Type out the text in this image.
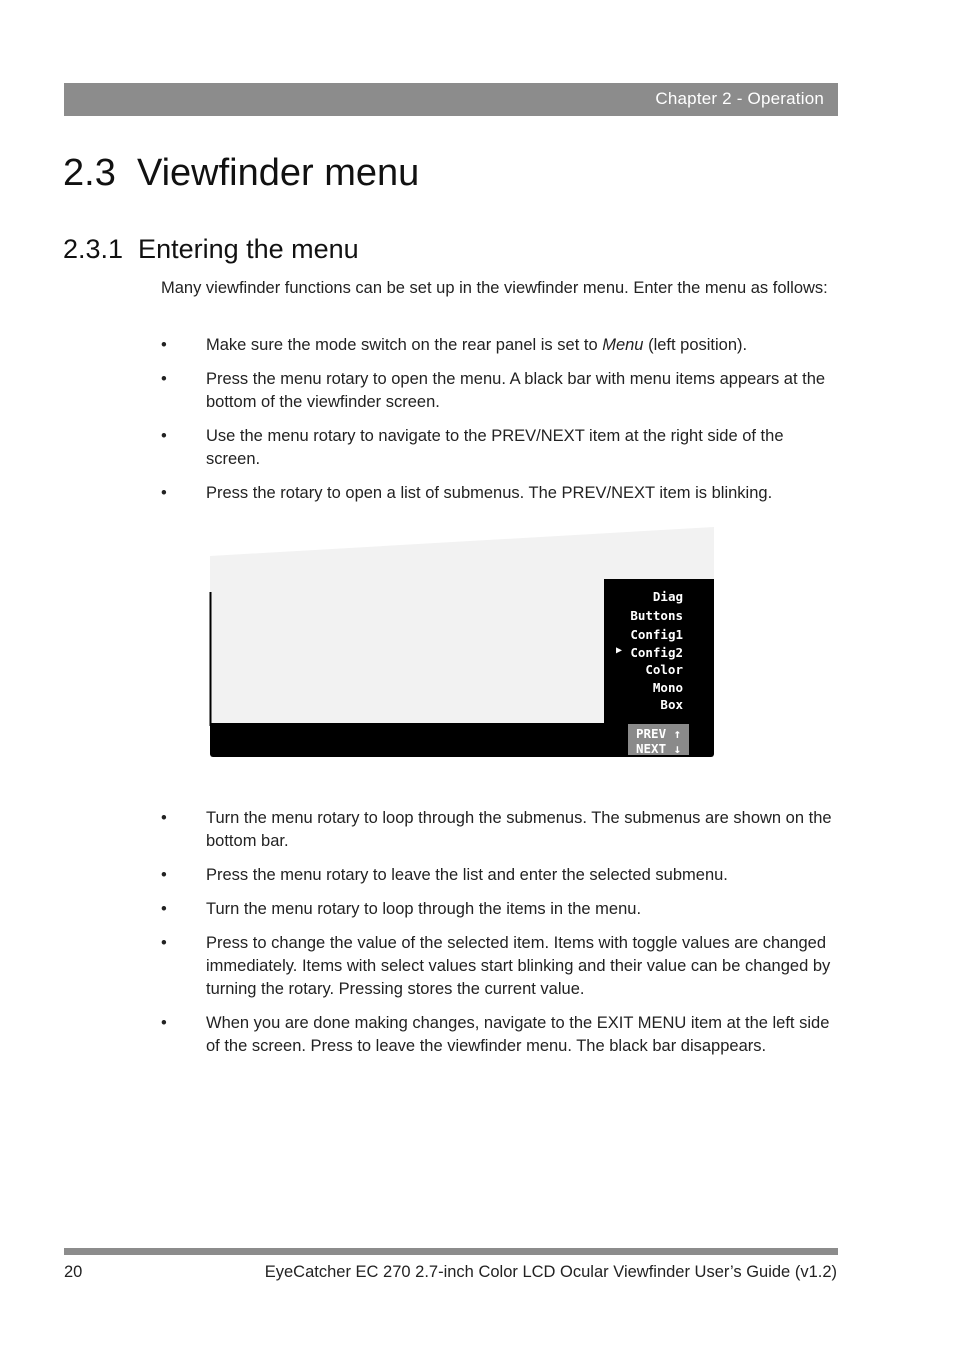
Chapter 2 - Operation
2.3  Viewfinder menu
2.3.1  Entering the menu
Many viewfinder functions can be set up in the viewfinder menu. Enter the menu as follows:
• Make sure the mode switch on the rear panel is set to Menu (left position).
• Press the menu rotary to open the menu. A black bar with menu items appears at the bottom of the viewfinder screen.
• Use the menu rotary to navigate to the PREV/NEXT item at the right side of the screen.
• Press the rotary to open a list of submenus. The PREV/NEXT item is blinking.
▶
Diag
Buttons
Config1
Config2
Color
Mono
Box

EXIT
CONFIG2

Text
<Off>

PkCol
<Whit>

INDADJ

PREV ↑
NEXT ↓
• Turn the menu rotary to loop through the submenus. The submenus are shown on the bottom bar.
• Press the menu rotary to leave the list and enter the selected submenu.
• Turn the menu rotary to loop through the items in the menu.
• Press to change the value of the selected item. Items with toggle values are changed immediately. Items with select values start blinking and their value can be changed by turning the rotary. Pressing stores the current value.
• When you are done making changes, navigate to the EXIT MENU item at the left side of the screen. Press to leave the viewfinder menu. The black bar disappears.
20	EyeCatcher EC 270 2.7-inch Color LCD Ocular Viewfinder User’s Guide (v1.2)
